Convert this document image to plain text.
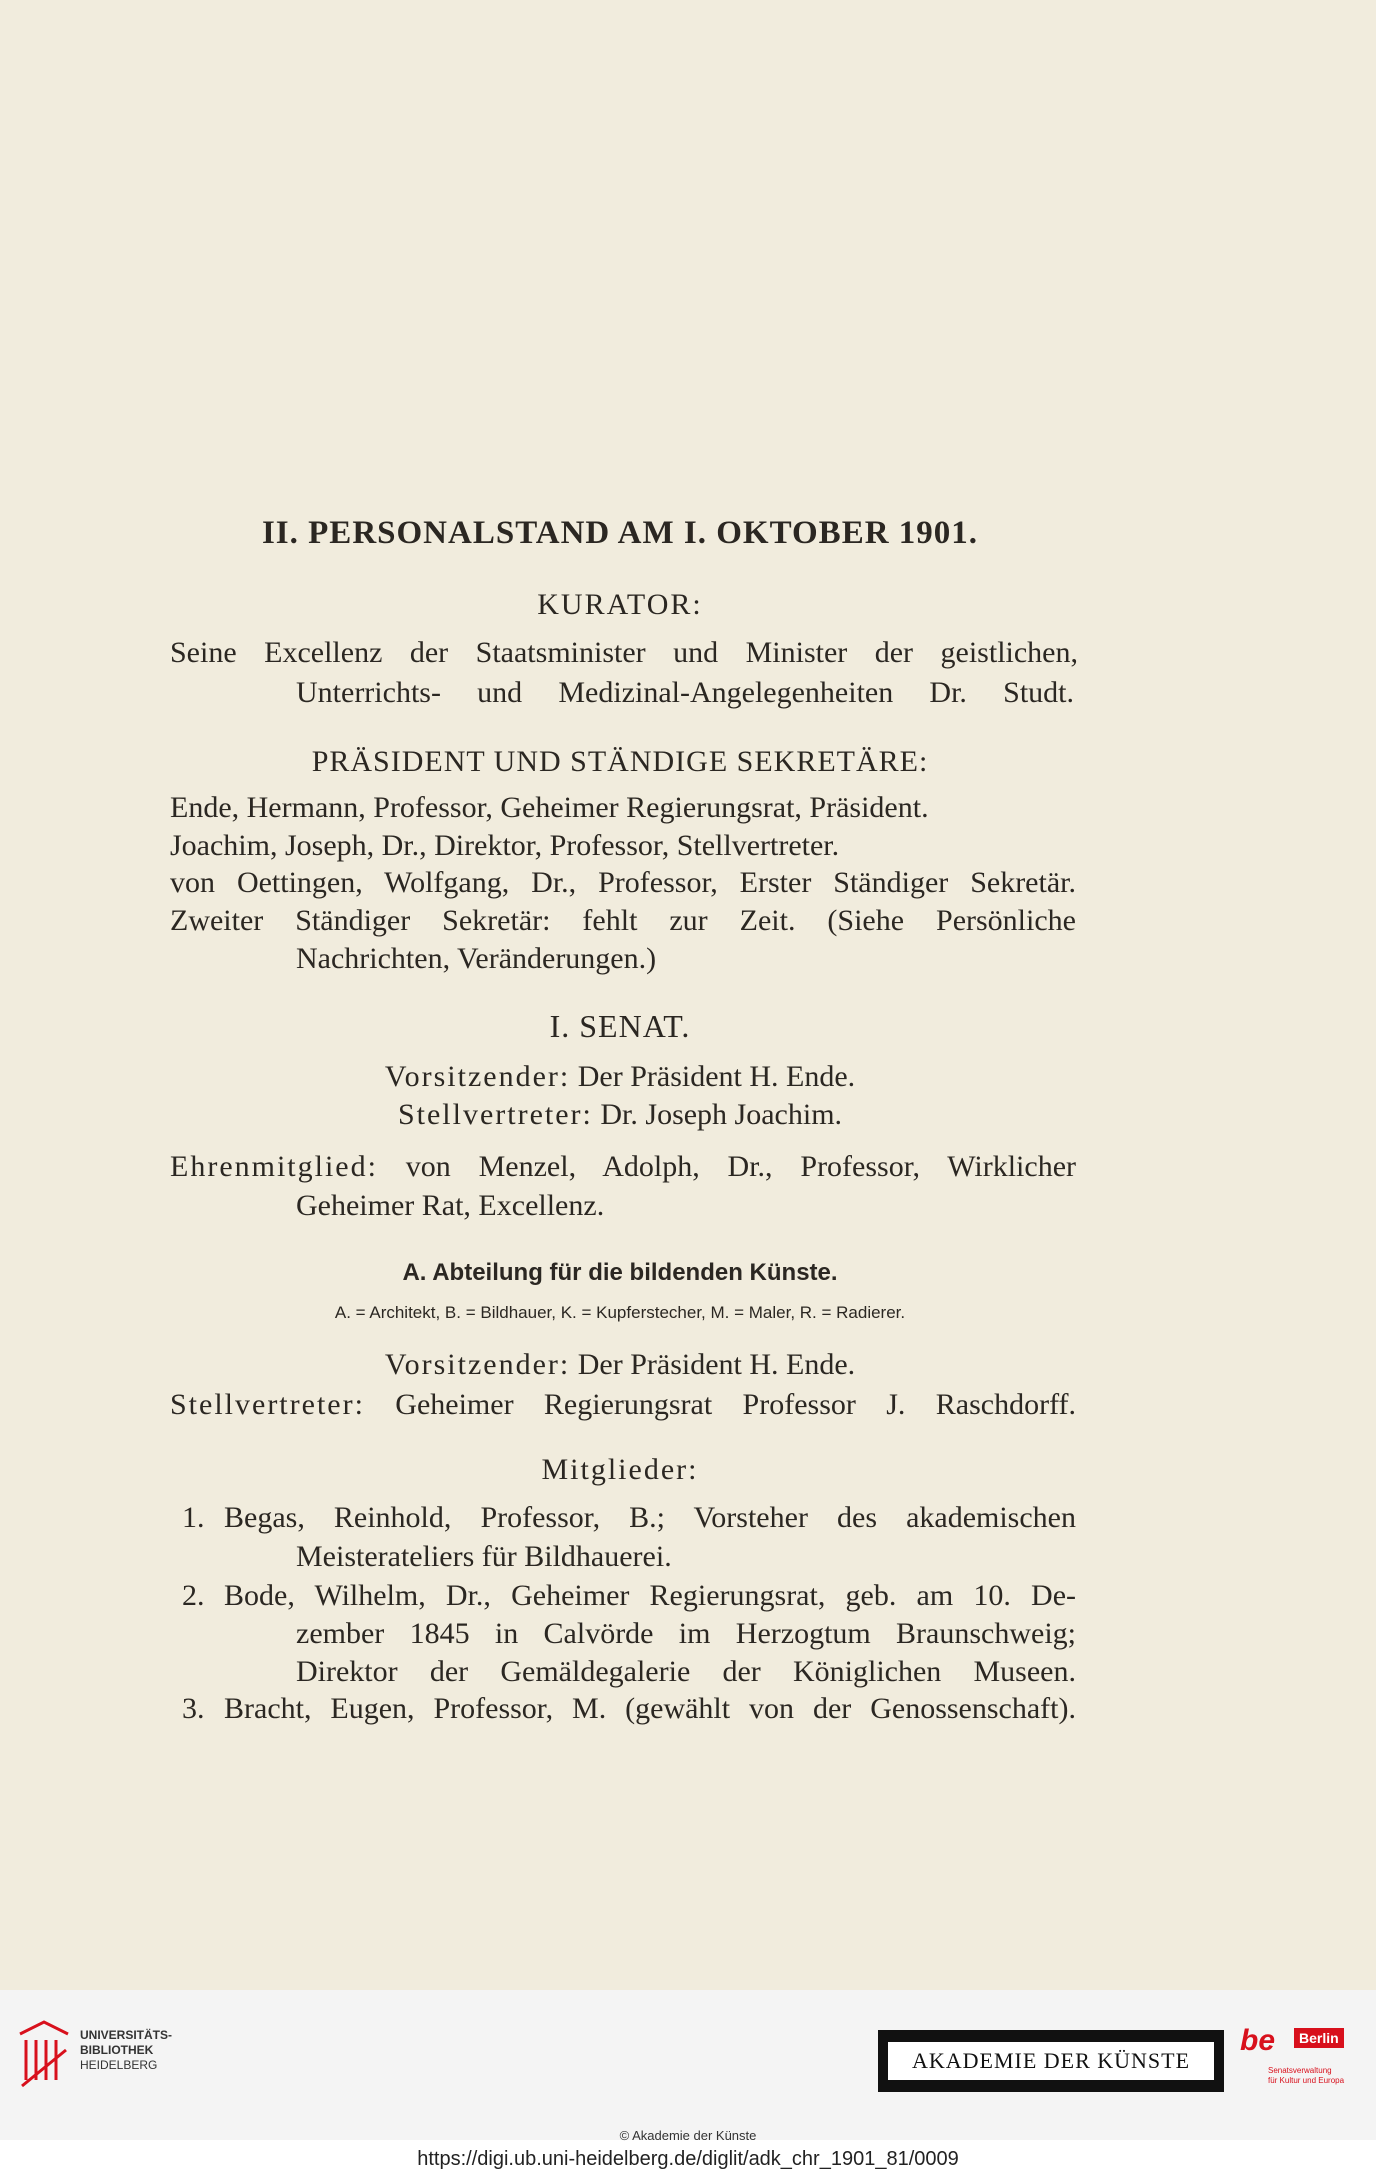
II. PERSONALSTAND AM I. OKTOBER 1901.
KURATOR:
Seine Excellenz der Staatsminister und Minister der geistlichen,
Unterrichts- und Medizinal-Angelegenheiten Dr. Studt.
PRÄSIDENT UND STÄNDIGE SEKRETÄRE:
Ende, Hermann, Professor, Geheimer Regierungsrat, Präsident.
Joachim, Joseph, Dr., Direktor, Professor, Stellvertreter.
von Oettingen, Wolfgang, Dr., Professor, Erster Ständiger Sekretär.
Zweiter Ständiger Sekretär: fehlt zur Zeit. (Siehe Persönliche
Nachrichten, Veränderungen.)
I. SENAT.
Vorsitzender: Der Präsident H. Ende.
Stellvertreter: Dr. Joseph Joachim.
Ehrenmitglied: von Menzel, Adolph, Dr., Professor, Wirklicher
Geheimer Rat, Excellenz.
A. Abteilung für die bildenden Künste.
A. = Architekt, B. = Bildhauer, K. = Kupferstecher, M. = Maler, R. = Radierer.
Vorsitzender: Der Präsident H. Ende.
Stellvertreter: Geheimer Regierungsrat Professor J. Raschdorff.
Mitglieder:
1. Begas, Reinhold, Professor, B.; Vorsteher des akademischen
Meisterateliers für Bildhauerei.
2. Bode, Wilhelm, Dr., Geheimer Regierungsrat, geb. am 10. De-
zember 1845 in Calvörde im Herzogtum Braunschweig;
Direktor der Gemäldegalerie der Königlichen Museen.
3. Bracht, Eugen, Professor, M. (gewählt von der Genossenschaft).
UNIVERSITÄTS-
BIBLIOTHEK
HEIDELBERG	AKADEMIE DER KÜNSTE
be	Berlin
Senatsverwaltung
für Kultur und Europa
© Akademie der Künste
https://digi.ub.uni-heidelberg.de/diglit/adk_chr_1901_81/0009
